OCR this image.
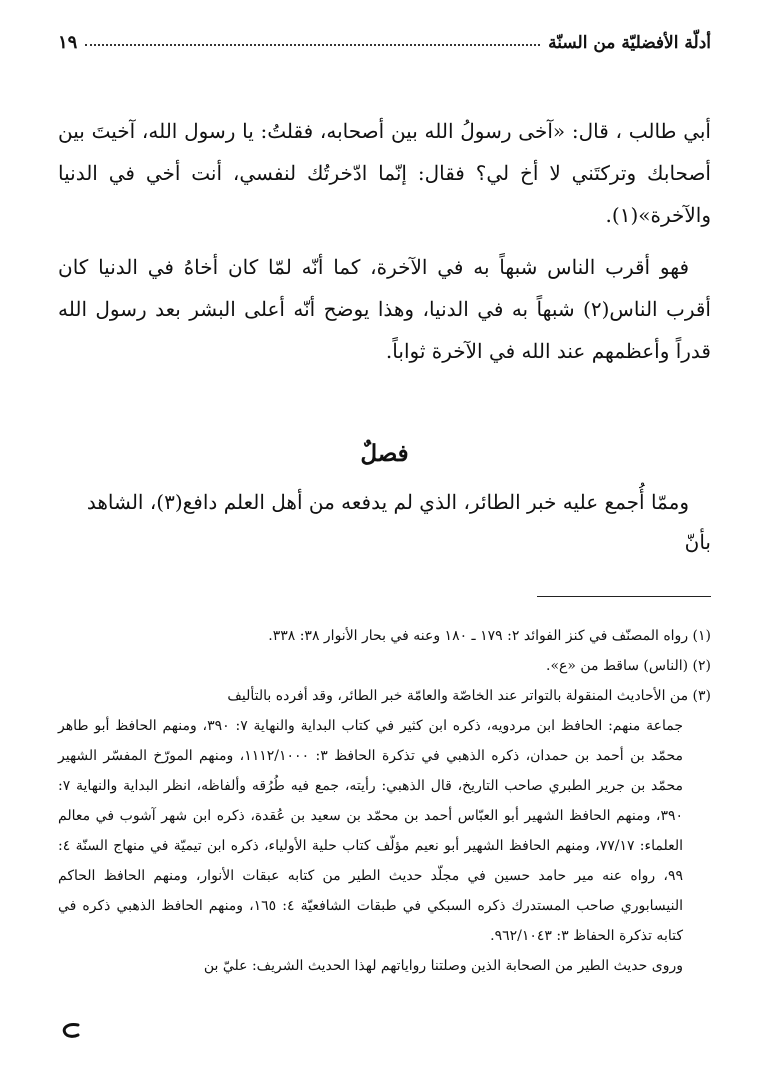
أدلّة الأفضليّة من السنّة
١٩

أبي طالب ، قال: «آخى رسولُ الله بين أصحابه، فقلتُ: يا رسول الله، آخيتَ بين أصحابك وتركتَني لا أخ لي؟ فقال: إنّما ادّخرتُك لنفسي، أنت أخي في الدنيا والآخرة»(١).

فهو أقرب الناس شبهاً به في الآخرة، كما أنّه لمّا كان أخاهُ في الدنيا كان أقرب الناس(٢) شبهاً به في الدنيا، وهذا يوضح أنّه أعلى البشر بعد رسول الله قدراً وأعظمهم عند الله في الآخرة ثواباً.

فصلٌ
وممّا أُجمع عليه خبر الطائر، الذي لم يدفعه من أهل العلم دافع(٣)، الشاهد بأنّ

(١) رواه المصنّف في كنز الفوائد ٢: ١٧٩ ـ ١٨٠ وعنه في بحار الأنوار ٣٨: ٣٣٨.

(٢) (الناس) ساقط من «ع».

(٣) من الأحاديث المنقولة بالتواتر عند الخاصّة والعامّة خبر الطائر، وقد أفرده بالتأليف

جماعة منهم: الحافظ ابن مردويه، ذكره ابن كثير في كتاب البداية والنهاية ٧: ٣٩٠، ومنهم الحافظ أبو طاهر محمّد بن أحمد بن حمدان، ذكره الذهبي في تذكرة الحافظ ٣: ١١١٢/١٠٠٠، ومنهم المورّخ المفسّر الشهير محمّد بن جرير الطبري صاحب التاريخ، قال الذهبي: رأيته، جمع فيه طُرُقه وألفاظه، انظر البداية والنهاية ٧: ٣٩٠، ومنهم الحافظ الشهير أبو العبّاس أحمد بن محمّد بن سعيد بن عُقدة، ذكره ابن شهر آشوب في معالم العلماء: ٧٧/١٧، ومنهم الحافظ الشهير أبو نعيم مؤلّف كتاب حلية الأولياء، ذكره ابن تيميّة في منهاج السنّة ٤: ٩٩، رواه عنه مير حامد حسين في مجلّد حديث الطير من كتابه عبقات الأنوار، ومنهم الحافظ الحاكم النيسابوري صاحب المستدرك ذكره السبكي في طبقات الشافعيّة ٤: ١٦٥، ومنهم الحافظ الذهبي ذكره في كتابه تذكرة الحفاظ ٣: ٩٦٢/١٠٤٣.

وروى حديث الطير من الصحابة الذين وصلتنا رواياتهم لهذا الحديث الشريف: عليّ بن
